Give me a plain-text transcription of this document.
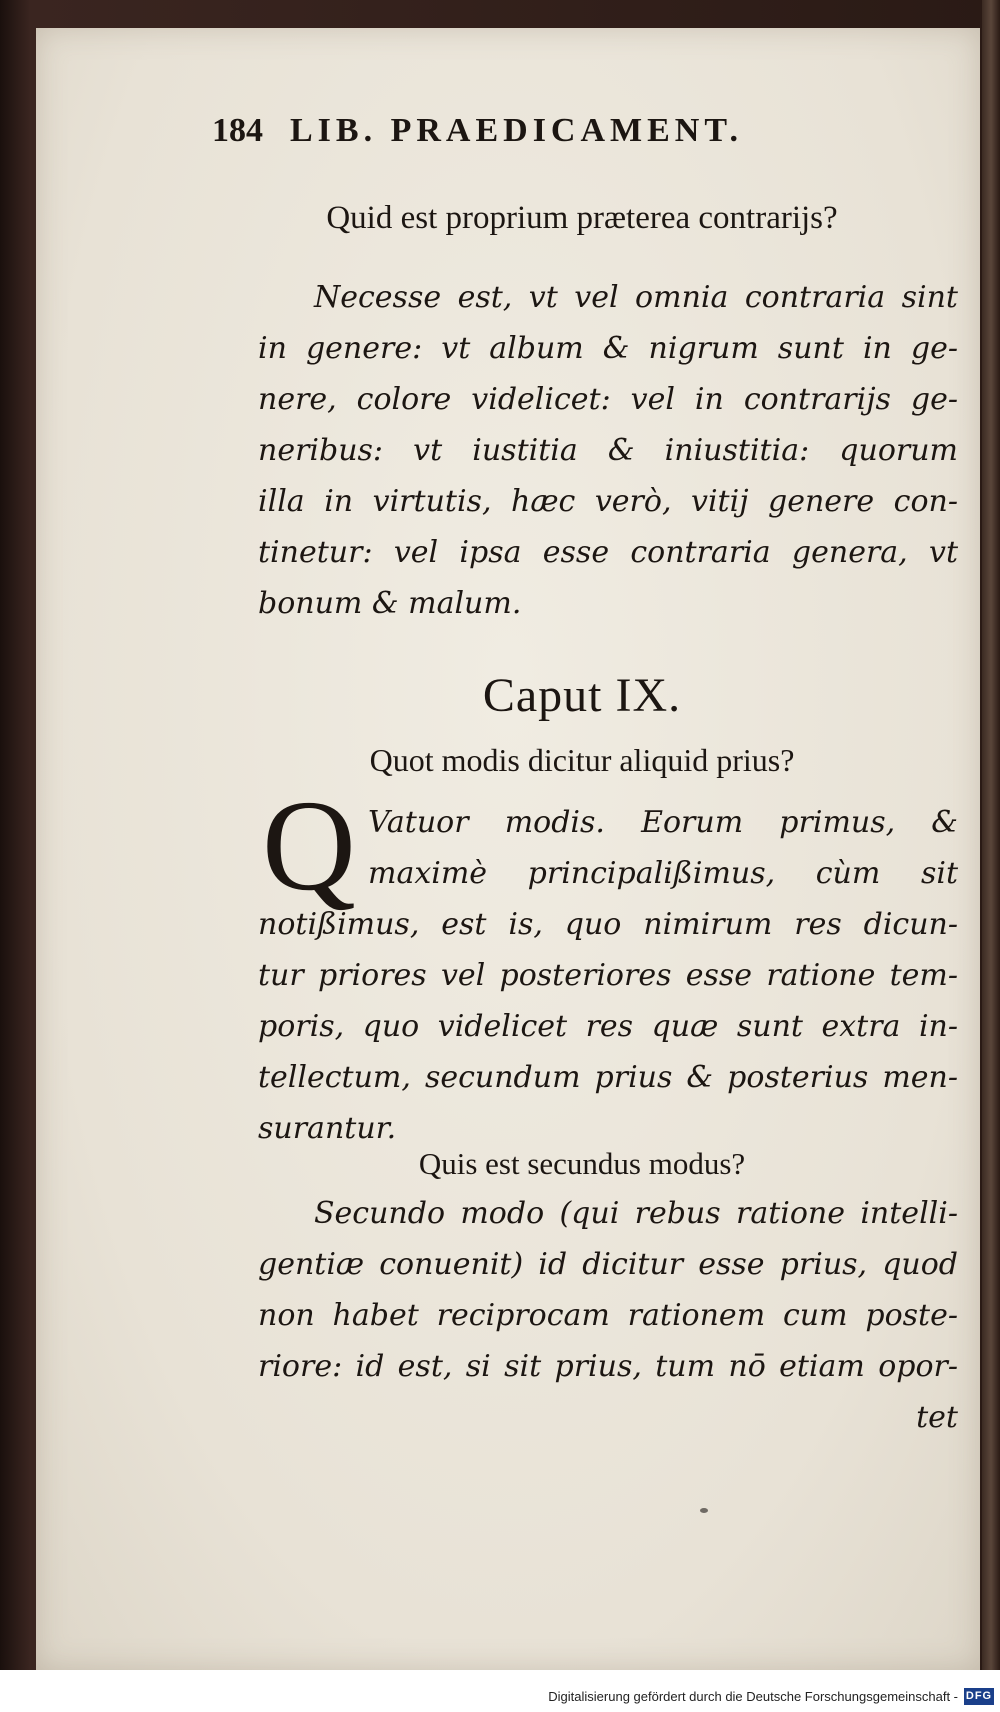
184 LIB. PRAEDICAMENT.
Quid est proprium præterea contrarijs?
Necesse est, vt vel omnia contraria sint
in genere: vt album & nigrum sunt in ge-
nere, colore videlicet: vel in contrarijs ge-
neribus: vt iustitia & iniustitia: quorum
illa in virtutis, hæc verò, vitij genere con-
tinetur: vel ipsa esse contraria genera, vt
bonum & malum.
Caput IX.
Quot modis dicitur aliquid prius?
Q Vatuor modis. Eorum primus, &
maximè principalißimus, cùm sit
notißimus, est is, quo nimirum res dicun-
tur priores vel posteriores esse ratione tem-
poris, quo videlicet res quæ sunt extra in-
tellectum, secundum prius & posterius men-
surantur.
Quis est secundus modus?
Secundo modo (qui rebus ratione intelli-
gentiæ conuenit) id dicitur esse prius, quod
non habet reciprocam rationem cum poste-
riore: id est, si sit prius, tum nō etiam opor-
tet
Digitalisierung gefördert durch die Deutsche Forschungsgemeinschaft - DFG
